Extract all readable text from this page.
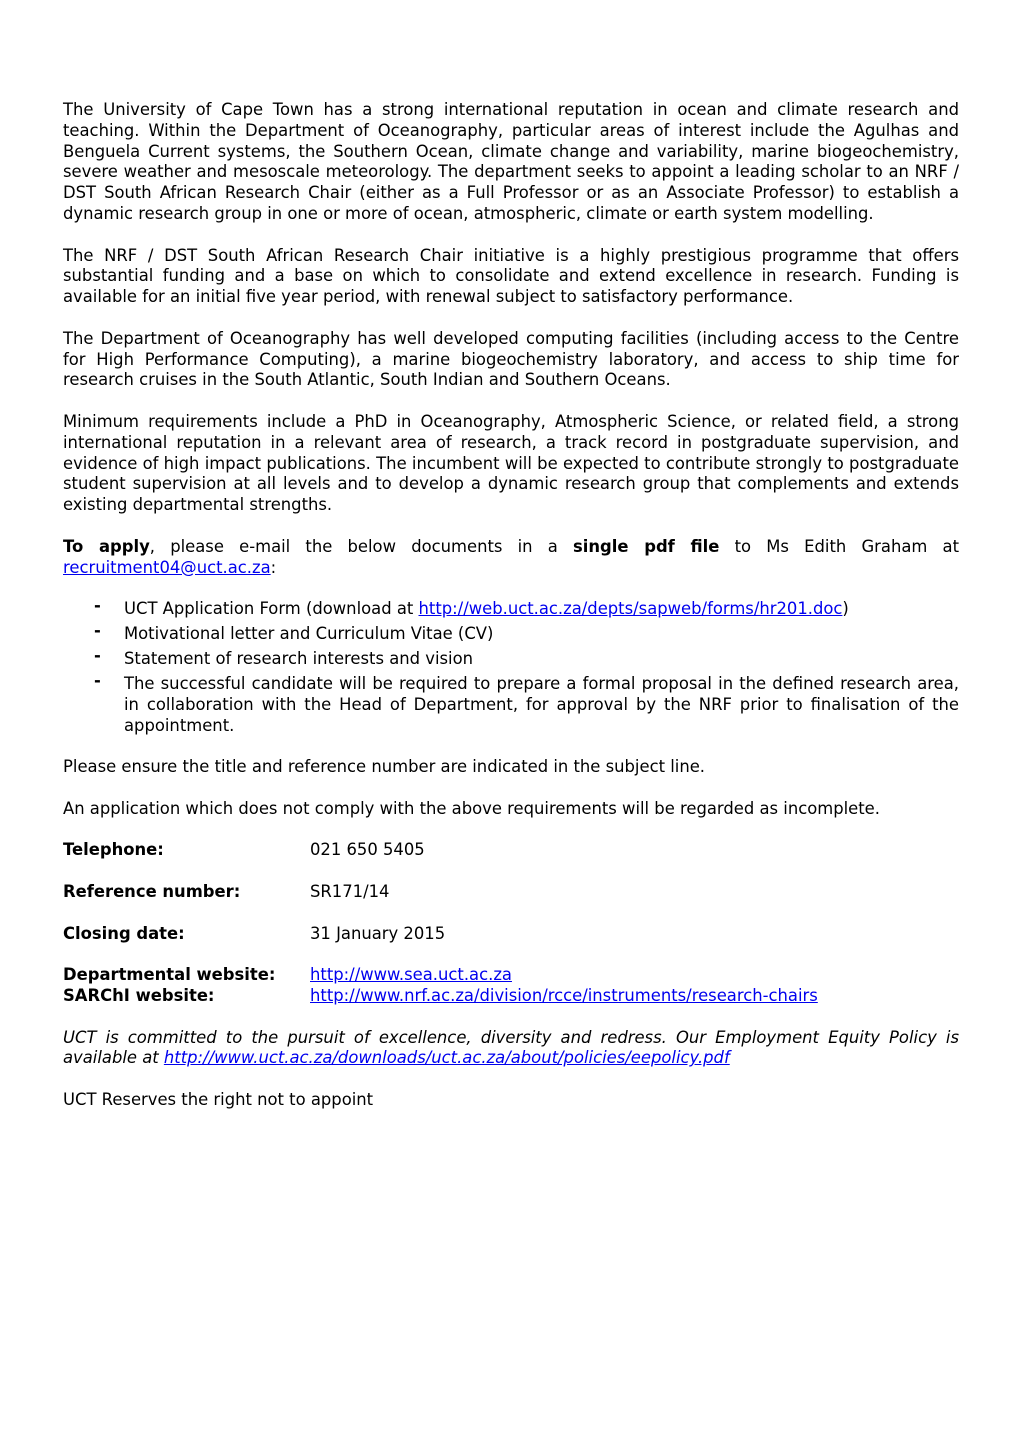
The University of Cape Town has a strong international reputation in ocean and climate research and teaching. Within the Department of Oceanography, particular areas of interest include the Agulhas and Benguela Current systems, the Southern Ocean, climate change and variability, marine biogeochemistry, severe weather and mesoscale meteorology. The department seeks to appoint a leading scholar to an NRF / DST South African Research Chair (either as a Full Professor or as an Associate Professor) to establish a dynamic research group in one or more of ocean, atmospheric, climate or earth system modelling.

The NRF / DST South African Research Chair initiative is a highly prestigious programme that offers substantial funding and a base on which to consolidate and extend excellence in research. Funding is available for an initial five year period, with renewal subject to satisfactory performance.

The Department of Oceanography has well developed computing facilities (including access to the Centre for High Performance Computing), a marine biogeochemistry laboratory, and access to ship time for research cruises in the South Atlantic, South Indian and Southern Oceans.

Minimum requirements include a PhD in Oceanography, Atmospheric Science, or related field, a strong international reputation in a relevant area of research, a track record in postgraduate supervision, and evidence of high impact publications. The incumbent will be expected to contribute strongly to postgraduate student supervision at all levels and to develop a dynamic research group that complements and extends existing departmental strengths.

To apply, please e-mail the below documents in a single pdf file to Ms Edith Graham at recruitment04@uct.ac.za:

- UCT Application Form (download at http://web.uct.ac.za/depts/sapweb/forms/hr201.doc)
- Motivational letter and Curriculum Vitae (CV)
- Statement of research interests and vision
- The successful candidate will be required to prepare a formal proposal in the defined research area, in collaboration with the Head of Department, for approval by the NRF prior to finalisation of the appointment.

Please ensure the title and reference number are indicated in the subject line.

An application which does not comply with the above requirements will be regarded as incomplete.

Telephone:	021 650 5405
Reference number:	SR171/14
Closing date:	31 January 2015
Departmental website:	http://www.sea.uct.ac.za
SARChI website:	http://www.nrf.ac.za/division/rcce/instruments/research-chairs

UCT is committed to the pursuit of excellence, diversity and redress. Our Employment Equity Policy is available at http://www.uct.ac.za/downloads/uct.ac.za/about/policies/eepolicy.pdf

UCT Reserves the right not to appoint
